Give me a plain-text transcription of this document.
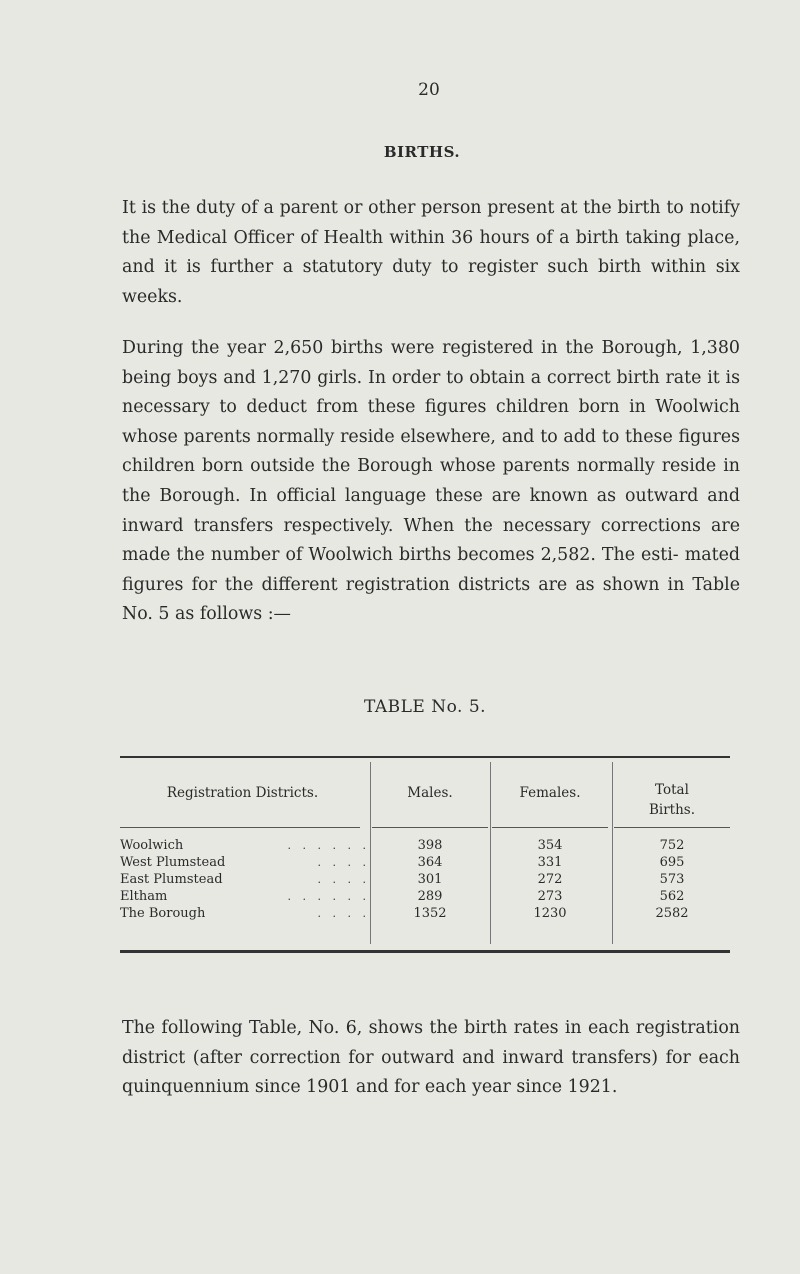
20
BIRTHS.

It is the duty of a parent or other person present at the birth to notify the Medical Officer of Health within 36 hours of a birth taking place, and it is further a statutory duty to register such birth within six weeks.

During the year 2,650 births were registered in the Borough, 1,380 being boys and 1,270 girls. In order to obtain a correct birth rate it is necessary to deduct from these figures children born in Woolwich whose parents normally reside elsewhere, and to add to these figures children born outside the Borough whose parents normally reside in the Borough. In official language these are known as outward and inward transfers respectively. When the necessary corrections are made the number of Woolwich births becomes 2,582. The esti- mated figures for the different registration districts are as shown in Table No. 5 as follows :—

TABLE No. 5.
Registration Districts.	Males.	Females.	Total
Births.
Woolwich	. . . . . .	398	354	752
West Plumstead	. . . .	364	331	695
East Plumstead	. . . .	301	272	573
Eltham	. . . . . .	289	273	562
The Borough	. . . .	1352	1230	2582

The following Table, No. 6, shows the birth rates in each registration district (after correction for outward and inward transfers) for each quinquennium since 1901 and for each year since 1921.
